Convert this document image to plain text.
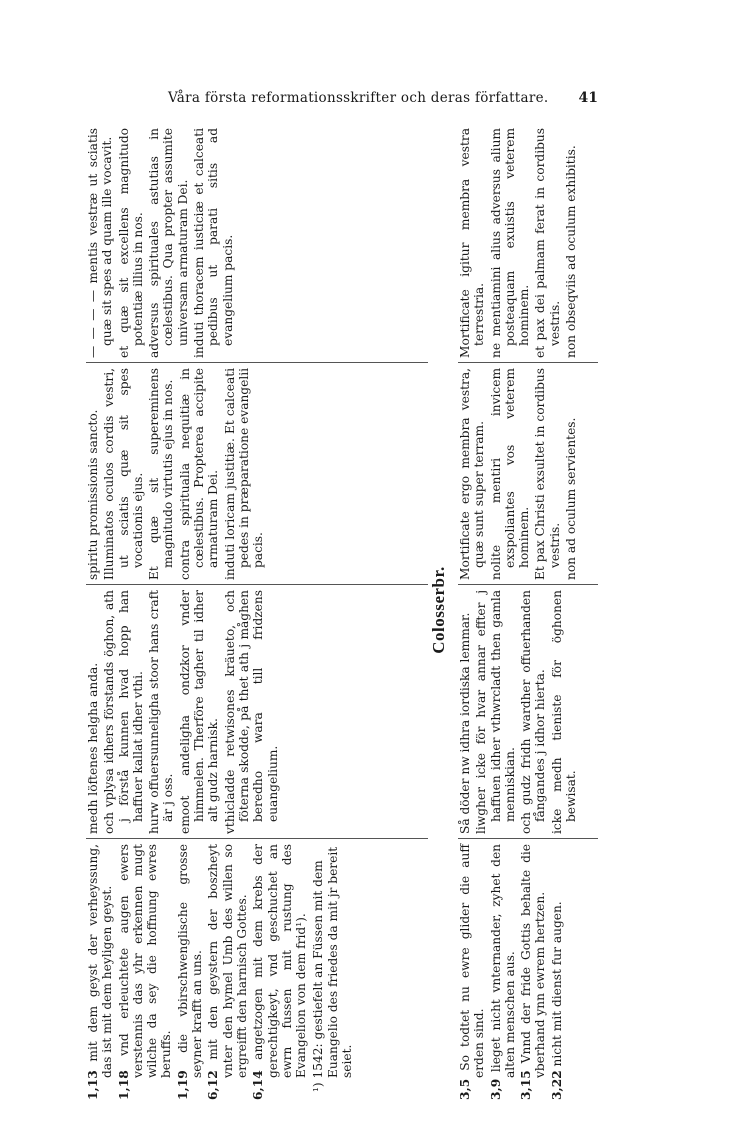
Våra första reformationsskrifter och deras författare. 41

1,13 mit dem geyst der verheyssung, das ist mit dem heyligen geyst.

1,18 vnd erleuchtete augen ewers verstennis das yhr erkennen mugt wilche da sey die hoffnung ewres beruffs.

1,19 die vbirschwenglische grosse seyner krafft an uns.

6,12 mit den geystern der boszheyt vnter den hymel Umb des willen so ergreifft den harnisch Gottes.

6,14 angetzogen mit dem krebs der gerechtigkeyt, vnd geschuchet an ewrn fussen mit rustung des Evangelion von dem frid¹).

¹) 1542: gestiefelt an Füssen mit dem Euangelio des friedes da mit jr bereit seiet.

medh löftenes helgha anda. och vplysa idhers förstands öghon, ath j förstå kunnen hvad hopp han haffuer kallat idher vthi. hurw offuersunneligha stoor hans craft är j oss. emoot andeligha ondzkor vnder himmelen. Therföre tagher til idher alt gudz harnisk. vthicladde retwisones kräueto, och föterna skodde, på thet ath j måghen beredho wara till fridzens euangelium.

spiritu promissionis sancto. Illuminatos oculos cordis vestri, ut sciatis quæ sit spes vocationis ejus. Et quæ sit supereminens magnitudo virtutis ejus in nos. contra spiritualia nequitiæ in cœlestibus. Propterea accipite armaturam Dei. induti loricam justitiæ. Et calceati pedes in præparatione evangelii pacis.

— — — — mentis vestræ ut sciatis quæ sit spes ad quam ille vocavit. et quæ sit excellens magnitudo potentiæ illius in nos. adversus spirituales astutias in cœlestibus. Qua propter assumite universam armaturam Dei. induti thoracem iusticiæ et calceati pedibus ut parati sitis ad evangelium pacis.

Colosserbr.

3,5 So todtet nu ewre glider die auff erden sind.

3,9 lieget nicht vnternander, zyhet den alten menschen aus.

3,15 Vnnd der fride Gottis behalte die vberhand ynn ewrem hertzen.

3,22 nicht mit dienst fur augen.

Så döder nw idhra iordiska lemmar. liwgher icke för hvar annar effter j haffuen idher vthwrcladt then gamla menniskian. och gudz fridh wardher offuerhanden fångandes j idhor hierta. icke medh tieniste för öghonen bewisat.

Mortificate ergo membra vestra, quæ sunt super terram. nolite mentiri invicem exspoliantes vos veterem hominem. Et pax Christi exsultet in cordibus vestris. non ad oculum servientes.

Mortificate igitur membra vestra terrestria. ne mentiamini alius adversus alium posteaquam exuistis veterem hominem. et pax dei palmam ferat in cordibus vestris. non obseqviis ad oculum exhibitis.
